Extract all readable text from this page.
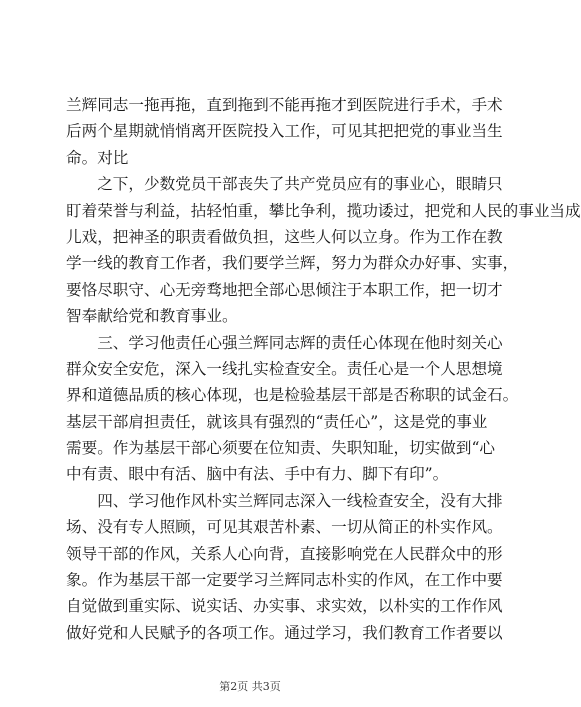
兰辉同志一拖再拖，直到拖到不能再拖才到医院进行手术，手术
后两个星期就悄悄离开医院投入工作，可见其把把党的事业当生
命。对比
　　之下，少数党员干部丧失了共产党员应有的事业心，眼睛只
盯着荣誉与利益，拈轻怕重，攀比争利，揽功诿过，把党和人民的事业当成
儿戏，把神圣的职责看做负担，这些人何以立身。作为工作在教
学一线的教育工作者，我们要学兰辉，努力为群众办好事、实事，
要恪尽职守、心无旁骛地把全部心思倾注于本职工作，把一切才
智奉献给党和教育事业。
　　三、学习他责任心强兰辉同志辉的责任心体现在他时刻关心
群众安全安危，深入一线扎实检查安全。责任心是一个人思想境
界和道德品质的核心体现，也是检验基层干部是否称职的试金石。
基层干部肩担责任，就该具有强烈的“责任心”，这是党的事业
需要。作为基层干部心须要在位知责、失职知耻，切实做到“心
中有责、眼中有活、脑中有法、手中有力、脚下有印”。
　　四、学习他作风朴实兰辉同志深入一线检查安全，没有大排
场、没有专人照顾，可见其艰苦朴素、一切从简正的朴实作风。
领导干部的作风，关系人心向背，直接影响党在人民群众中的形
象。作为基层干部一定要学习兰辉同志朴实的作风，在工作中要
自觉做到重实际、说实话、办实事、求实效，以朴实的工作作风
做好党和人民赋予的各项工作。通过学习，我们教育工作者要以
第2页 共3页
